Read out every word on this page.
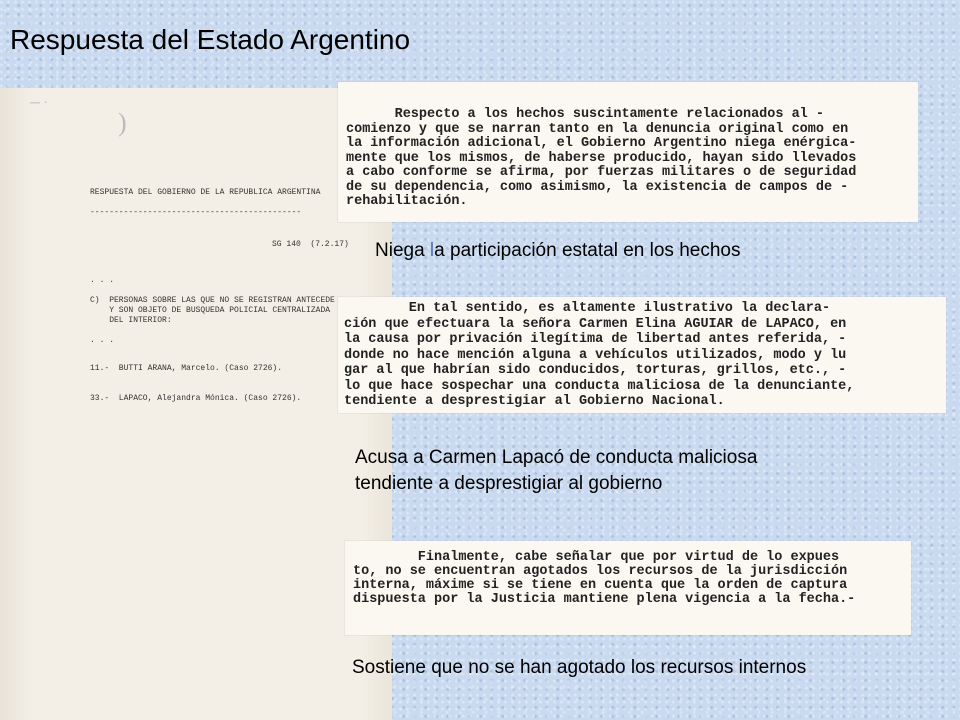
Respuesta del Estado Argentino
─ ·
)
RESPUESTA DEL GOBIERNO DE LA REPUBLICA ARGENTINA
--------------------------------------------
SG 140  (7.2.17)
. . .
C)  PERSONAS SOBRE LAS QUE NO SE REGISTRAN ANTECEDE
Y SON OBJETO DE BUSQUEDA POLICIAL CENTRALIZADA
DEL INTERIOR:
. . .
11.-  BUTTI ARANA, Marcelo. (Caso 2726).
33.-  LAPACO, Alejandra Mónica. (Caso 2726).
Respecto a los hechos suscintamente relacionados al -
comienzo y que se narran tanto en la denuncia original como en
la información adicional, el Gobierno Argentino niega enérgica-
mente que los mismos, de haberse producido, hayan sido llevados
a cabo conforme se afirma, por fuerzas militares o de seguridad
de su dependencia, como asimismo, la existencia de campos de -
rehabilitación.
En tal sentido, es altamente ilustrativo la declara-
ción que efectuara la señora Carmen Elina AGUIAR de LAPACO, en
la causa por privación ilegítima de libertad antes referida, -
donde no hace mención alguna a vehículos utilizados, modo y lu
gar al que habrían sido conducidos, torturas, grillos, etc., -
lo que hace sospechar una conducta maliciosa de la denunciante,
tendiente a desprestigiar al Gobierno Nacional.
Finalmente, cabe señalar que por virtud de lo expues
to, no se encuentran agotados los recursos de la jurisdicción
interna, máxime si se tiene en cuenta que la orden de captura
dispuesta por la Justicia mantiene plena vigencia a la fecha.-
Niega la participación estatal en los hechos
Acusa a Carmen Lapacó de conducta maliciosa
tendiente a desprestigiar al gobierno
Sostiene que no se han agotado los recursos internos
